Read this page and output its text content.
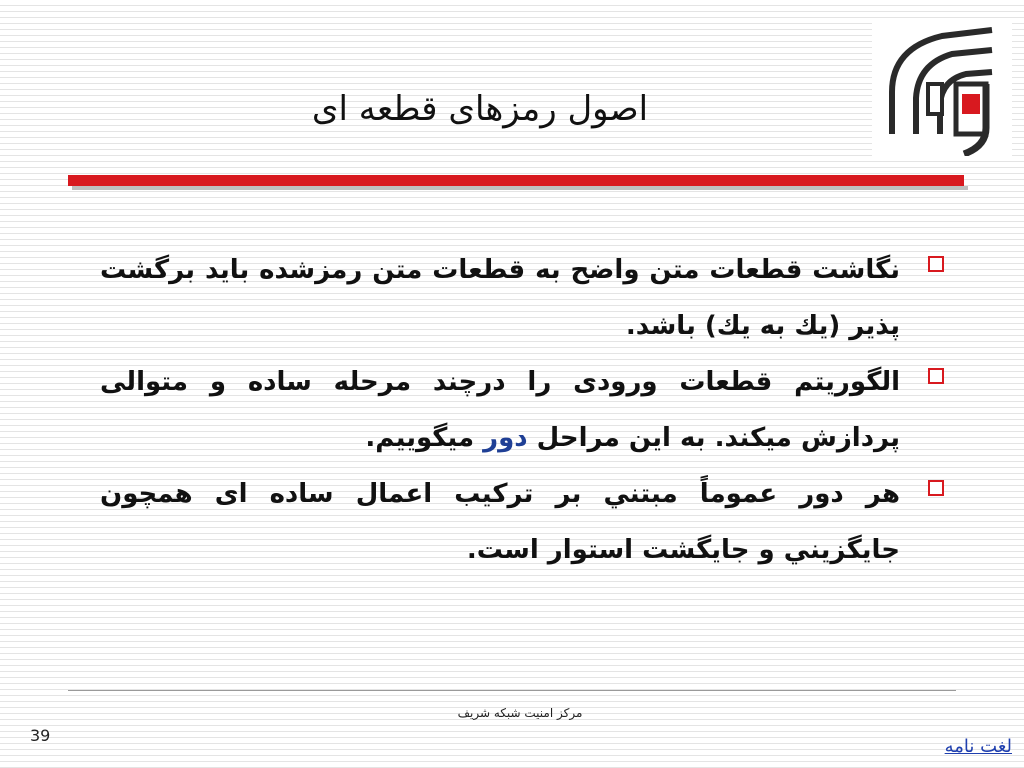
اصول رمزهای قطعه ای
نگاشت قطعات متن واضح به قطعات متن رمزشده بايد برگشت پذير (يك به يك) باشد.
الگوريتم قطعات ورودی را درچند مرحله ساده و متوالی پردازش ميكند. به اين مراحل دور ميگوييم.
هر دور عموماً مبتني بر تركيب اعمال ساده ای همچون جايگزيني و جايگشت استوار است.
مركز امنيت شبكه شريف
39
لغت نامه
